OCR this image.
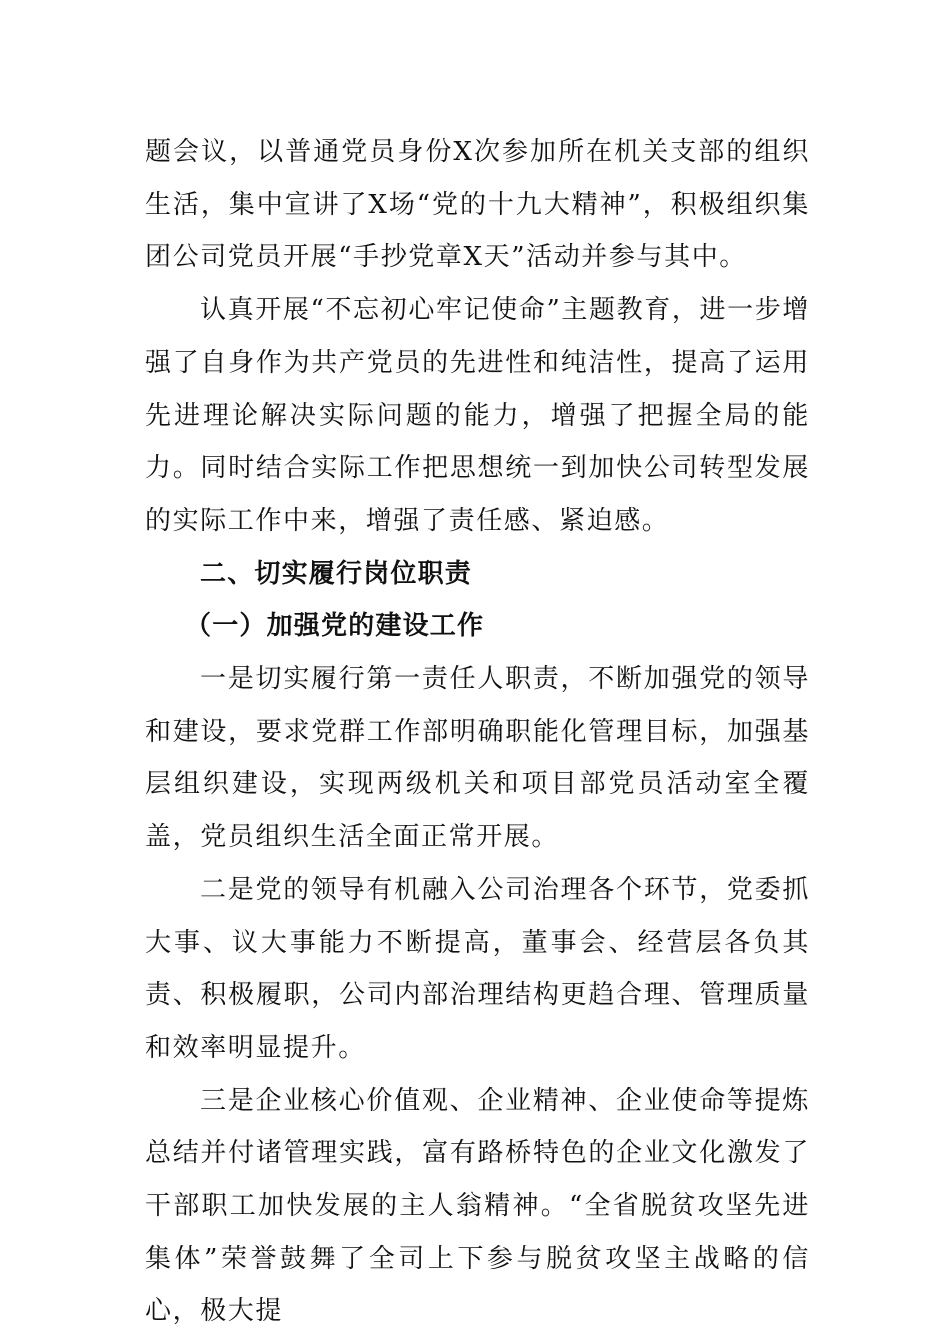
题会议，以普通党员身份X次参加所在机关支部的组织生活，集中宣讲了X场“党的十九大精神”，积极组织集团公司党员开展“手抄党章X天”活动并参与其中。

认真开展“不忘初心牢记使命”主题教育，进一步增强了自身作为共产党员的先进性和纯洁性，提高了运用先进理论解决实际问题的能力，增强了把握全局的能力。同时结合实际工作把思想统一到加快公司转型发展的实际工作中来，增强了责任感、紧迫感。

二、切实履行岗位职责

（一）加强党的建设工作

一是切实履行第一责任人职责，不断加强党的领导和建设，要求党群工作部明确职能化管理目标，加强基层组织建设，实现两级机关和项目部党员活动室全覆盖，党员组织生活全面正常开展。

二是党的领导有机融入公司治理各个环节，党委抓大事、议大事能力不断提高，董事会、经营层各负其责、积极履职，公司内部治理结构更趋合理、管理质量和效率明显提升。

三是企业核心价值观、企业精神、企业使命等提炼总结并付诸管理实践，富有路桥特色的企业文化激发了干部职工加快发展的主人翁精神。“全省脱贫攻坚先进集体”荣誉鼓舞了全司上下参与脱贫攻坚主战略的信心，极大提
